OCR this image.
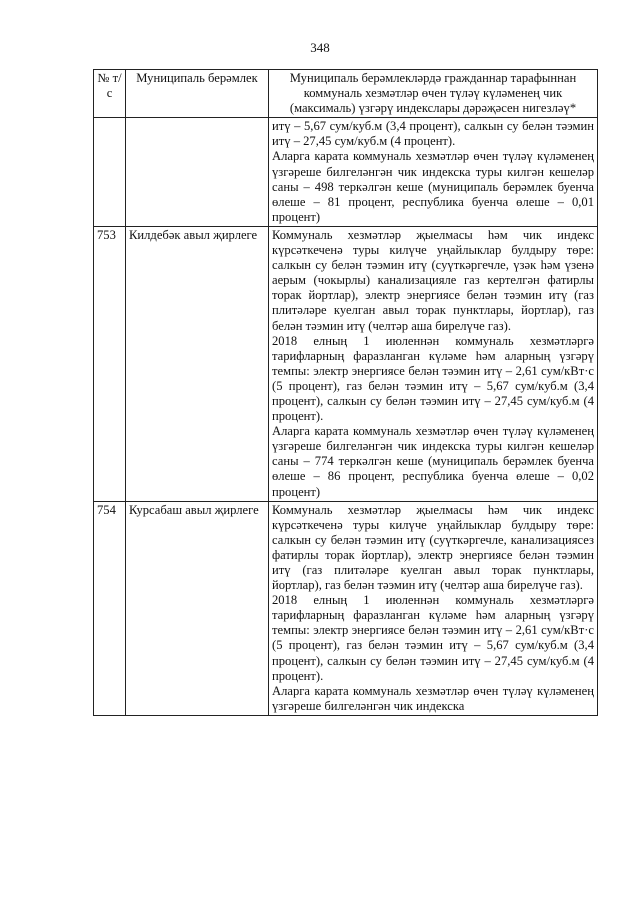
348
№ т/с	Муниципаль берәмлек	Муниципаль берәмлекләрдә гражданнар тарафыннан коммуналь хезмәтләр өчен түләү күләменең чик (максималь) үзгәрү индекслары дәрәҗәсен нигезләү*

		итү – 5,67 сум/куб.м (3,4 процент), салкын су белән тәэмин итү – 27,45 сум/куб.м (4 процент).

Аларга карата коммуналь хезмәтләр өчен түләү күләменең үзгәреше билгеләнгән чик индекска туры килгән кешеләр саны – 498 теркәлгән кеше (муниципаль берәмлек буенча өлеше – 81 процент, республика буенча өлеше – 0,01 процент)

753	Килдебәк авыл җирлеге	Коммуналь хезмәтләр җыелмасы һәм чик индекс күрсәткеченә туры килүче уңайлыклар булдыру төре: салкын су белән тәэмин итү (суүткәргечле, үзәк һәм үзенә аерым (чокырлы) канализацияле газ кертелгән фатирлы торак йортлар), электр энергиясе белән тәэмин итү (газ плитәләре куелган авыл торак пунктлары, йортлар), газ белән тәэмин итү (челтәр аша бирелүче газ).

2018 елның 1 июленнән коммуналь хезмәтләргә тарифларның фаразланган күләме һәм аларның үзгәрү темпы: электр энергиясе белән тәэмин итү – 2,61 сум/кВт·с (5 процент), газ белән тәэмин итү – 5,67 сум/куб.м (3,4 процент), салкын су белән тәэмин итү – 27,45 сум/куб.м (4 процент).

Аларга карата коммуналь хезмәтләр өчен түләү күләменең үзгәреше билгеләнгән чик индекска туры килгән кешеләр саны – 774 теркәлгән кеше (муниципаль берәмлек буенча өлеше – 86 процент, республика буенча өлеше – 0,02 процент)

754	Курсабаш авыл җирлеге	Коммуналь хезмәтләр җыелмасы һәм чик индекс күрсәткеченә туры килүче уңайлыклар булдыру төре: салкын су белән тәэмин итү (суүткәргечле, канализациясез фатирлы торак йортлар), электр энергиясе белән тәэмин итү (газ плитәләре куелган авыл торак пунктлары, йортлар), газ белән тәэмин итү (челтәр аша бирелүче газ).

2018 елның 1 июленнән коммуналь хезмәтләргә тарифларның фаразланган күләме һәм аларның үзгәрү темпы: электр энергиясе белән тәэмин итү – 2,61 сум/кВт·с (5 процент), газ белән тәэмин итү – 5,67 сум/куб.м (3,4 процент), салкын су белән тәэмин итү – 27,45 сум/куб.м (4 процент).

Аларга карата коммуналь хезмәтләр өчен түләү күләменең үзгәреше билгеләнгән чик индекска
